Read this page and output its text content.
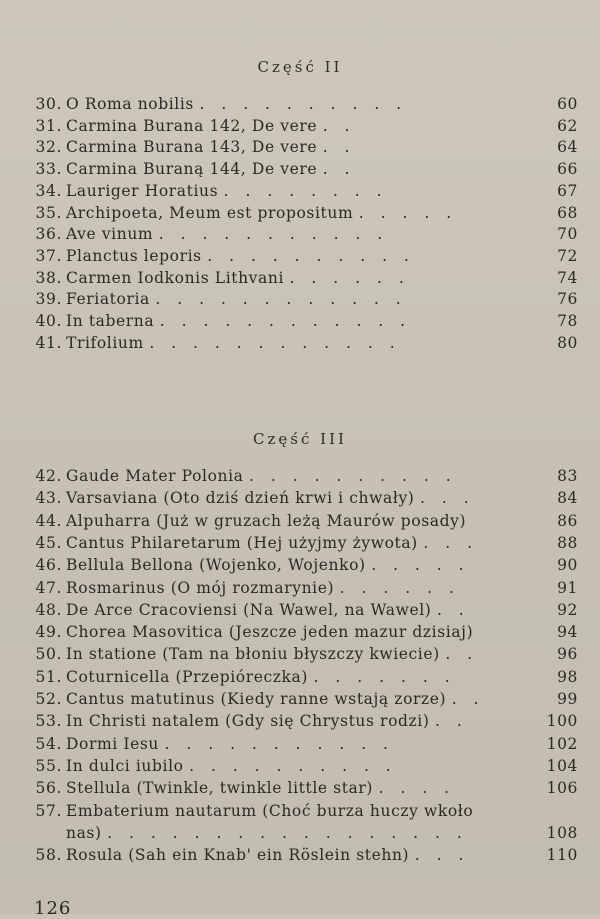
Część II
30. O Roma nobilis . . . . . . . . . .	60
31. Carmina Burana 142, De vere . .	62
32. Carmina Burana 143, De vere . .	64
33. Carmina Buraną 144, De vere . .	66
34. Lauriger Horatius . . . . . . . .	67
35. Archipoeta, Meum est propositum . . . . .	68
36. Ave vinum . . . . . . . . . . .	70
37. Planctus leporis . . . . . . . . . .	72
38. Carmen Iodkonis Lithvani . . . . . .	74
39. Feriatoria . . . . . . . . . . . .	76
40. In taberna . . . . . . . . . . . .	78
41. Trifolium . . . . . . . . . . . .	80
Część III
42. Gaude Mater Polonia . . . . . . . . . .	83
43. Varsaviana (Oto dziś dzień krwi i chwały) . . .	84
44. Alpuharra (Już w gruzach leżą Maurów posady)	86
45. Cantus Philaretarum (Hej użyjmy żywota) . . .	88
46. Bellula Bellona (Wojenko, Wojenko) . . . . .	90
47. Rosmarinus (O mój rozmarynie) . . . . . .	91
48. De Arce Cracoviensi (Na Wawel, na Wawel) . .	92
49. Chorea Masovitica (Jeszcze jeden mazur dzisiaj)	94
50. In statione (Tam na błoniu błyszczy kwiecie) . .	96
51. Coturnicella (Przepióreczka) . . . . . . .	98
52. Cantus matutinus (Kiedy ranne wstają zorze) . .	99
53. In Christi natalem (Gdy się Chrystus rodzi) . .	100
54. Dormi Iesu . . . . . . . . . . .	102
55. In dulci iubilo . . . . . . . . . .	104
56. Stellula (Twinkle, twinkle little star) . . . .	106
57. Embaterium nautarum (Choć burza huczy wkoło
nas) . . . . . . . . . . . . . . . . .	108
58. Rosula (Sah ein Knab' ein Röslein stehn) . . .	110
126
